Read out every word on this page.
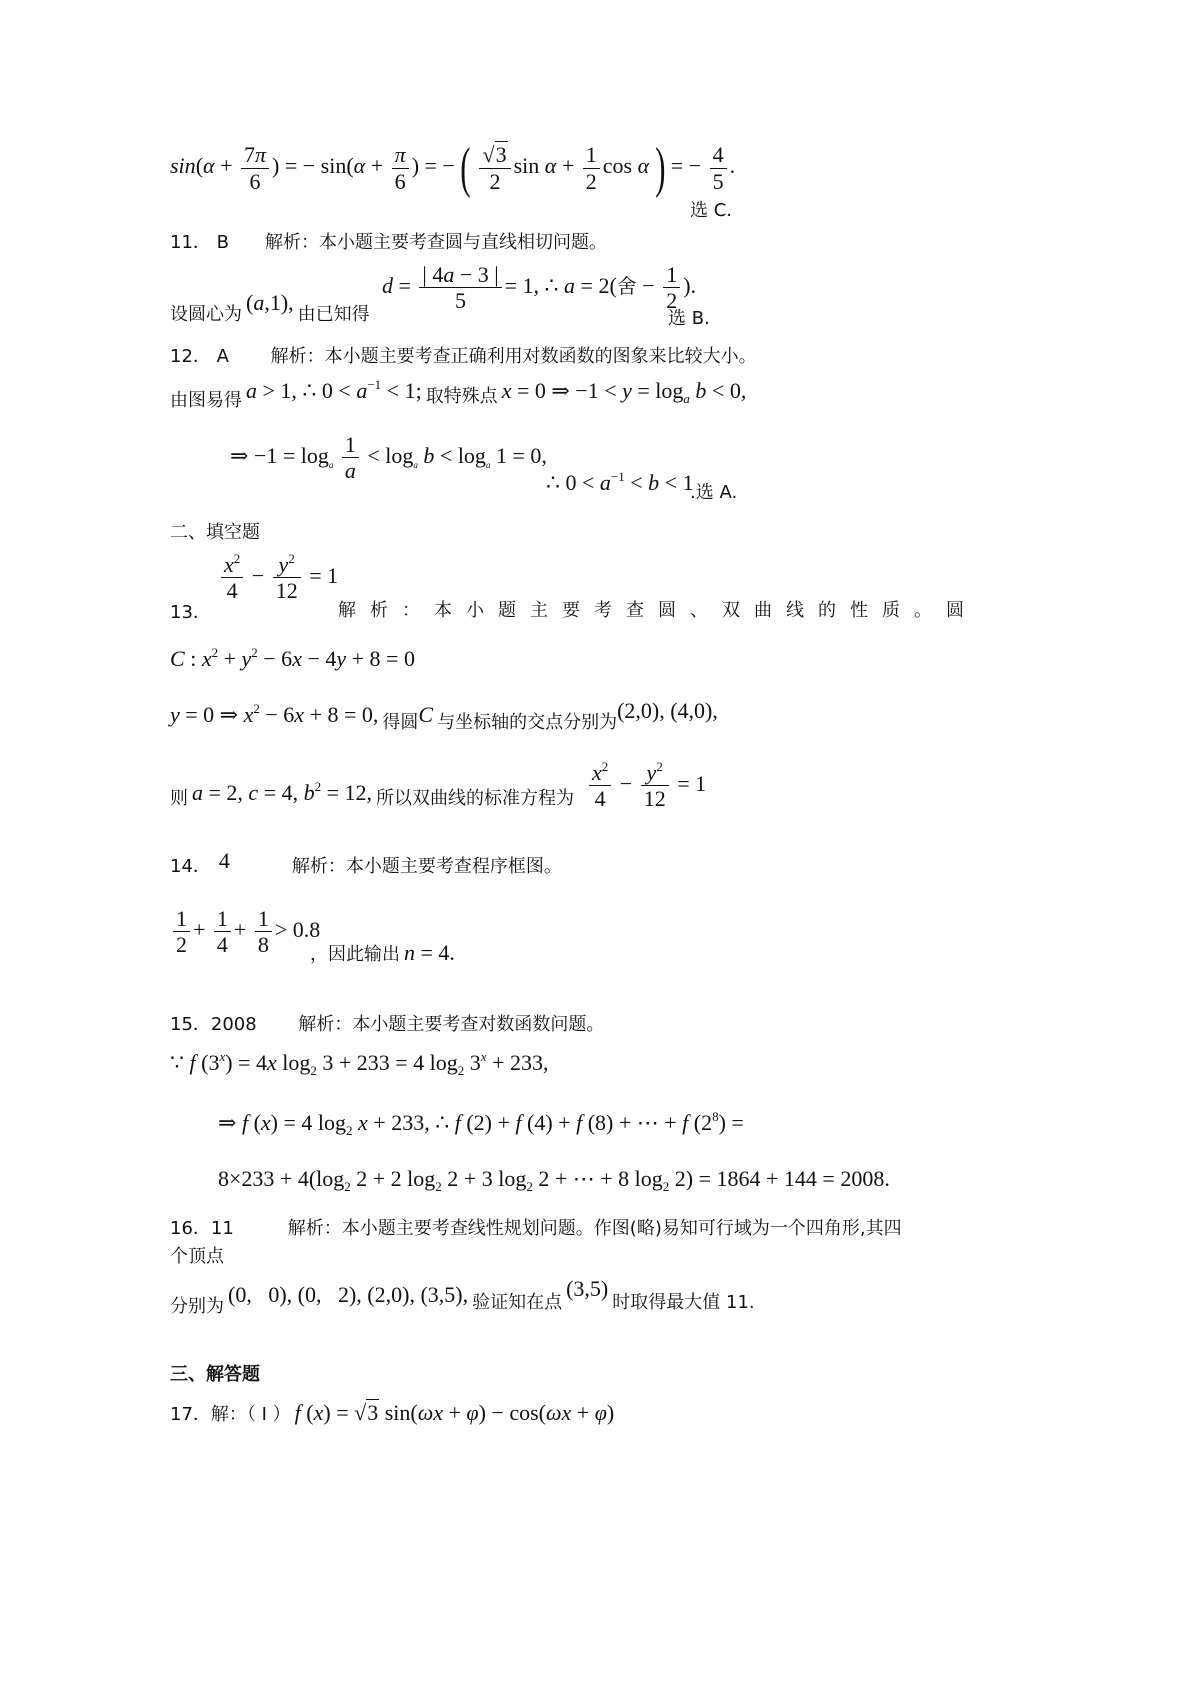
$\sin(\alpha + \frac{7\pi}{6}$ ) = − $\sin(\alpha + \frac{\pi}{6}$ ) = − ( $\frac{√3}{2}$ $\sin \alpha + \frac{1}{2}$ cos α ) = − $\frac{4}{5}$ .
选 C.
11． B　　解析：本小题主要考查圆与直线相切问题。
设圆心为 (a,1), 由已知得
$d = \frac{| 4a - 3 |}{5} = 1$, ∴ a = 2(舍 − $\frac{1}{2}$ ).
选 B.
12． A　　 解析：本小题主要考查正确利用对数函数的图象来比较大小。
由图易得 a > 1, ∴ $0 < a^{-1} < 1$; 取特殊点 x = 0 ⇒ $-1 < y = \log_a b < 0$,
⇒ $-1 = \log_a \frac{1}{a} < \log_a b < \log_a 1 = 0$,
∴ $0 < a^{-1} < b < 1$
.选 A.
二、填空题
$\frac{x^2}{4} - \frac{y^2}{12} = 1$
13．	解析：本小题主要考查圆、双曲线的性质。圆
C : $x^2 + y^2 - 6x - 4y + 8 = 0$
y = 0 ⇒ $x^2 - 6x + 8 = 0$, 得圆C 与坐标轴的交点分别为(2,0), (4,0),
则 a = 2, c = 4, $b^2 = 12$, 所以双曲线的标准方程为 $\frac{x^2}{4} - \frac{y^2}{12} = 1$
14． 4	解析：本小题主要考查程序框图。
$\frac{1}{2} + \frac{1}{4} + \frac{1}{8} > 0.8$
，因此输出 n = 4.
15．2008　　 解析：本小题主要考查对数函数问题。
∵ f $(3^x) = 4x$ $\log_2 3 + 233 = 4$ $\log_2 3^x + 233$,
⇒ f (x) = 4 $\log_2 x + 233$, ∴ f (2) + f (4) + f (8) + ⋯ + f $(2^8)$ =
$8\times 233 + 4(\log_2$ 2 + 2 $\log_2 2 + 3$ $\log_2 2$ + ⋯ + 8 $\log_2 2) = 1864 + 144 = 2008$.
16．11　　　解析：本小题主要考查线性规划问题。作图(略)易知可行域为一个四角形,其四
个顶点
分别为 (0,   0), (0,   2), (2,0), (3,5), 验证知在点 (3,5) 时取得最大值 11.
三、解答题
17．解：（ I ） f (x) = √3 sin(ωx + φ) − cos(ωx + φ)
